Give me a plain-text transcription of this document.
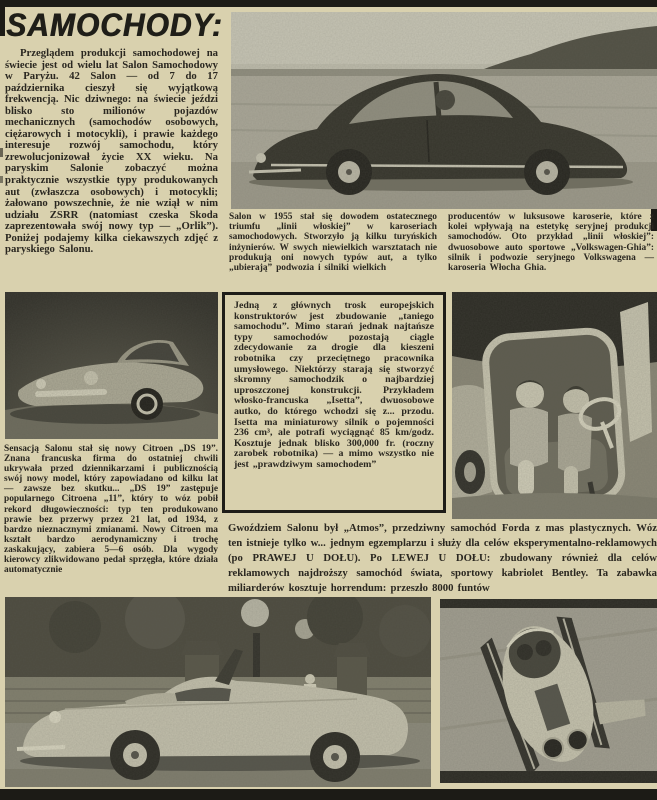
SAMOCHODY:
Przeglądem produkcji samochodowej na świecie jest od wielu lat Salon Samochodowy w Paryżu. 42 Salon — od 7 do 17 października cieszył się wyjątkową frekwencją. Nic dziwnego: na świecie jeździ blisko sto milionów pojazdów mechanicznych (samochodów osobowych, ciężarowych i motocykli), i prawie każdego interesuje rozwój samochodu, który zrewolucjonizował życie XX wieku. Na paryskim Salonie zobaczyć można praktycznie wszystkie typy produkowanych aut (zwłaszcza osobowych) i motocykli; żałowano powszechnie, że nie wziął w nim udziału ZSRR (natomiast czeska Skoda zaprezentowała swój nowy typ — „Orlik”). Poniżej podajemy kilka ciekawszych zdjęć z paryskiego Salonu.
Salon w 1955 stał się dowodem ostatecznego triumfu „linii włoskiej” w karoseriach samochodowych. Stworzyło ją kilku turyńskich inżynierów. W swych niewielkich warsztatach nie produkują oni nowych typów aut, a tylko „ubierają” podwozia i silniki wielkich
producentów w luksusowe karoserie, które z kolei wpływają na estetykę seryjnej produkcji samochodów. Oto przykład „linii włoskiej”: dwuosobowe auto sportowe „Volkswagen-Ghia”: silnik i podwozie seryjnego Volkswagena — karoseria Włocha Ghia.
Jedną z głównych trosk europejskich konstruktorów jest zbudowanie „taniego samochodu”. Mimo starań jednak najtańsze typy samochodów pozostają ciągle zdecydowanie za drogie dla kieszeni robotnika czy przeciętnego pracownika umysłowego. Niektórzy starają się stworzyć skromny samochodzik o najbardziej uproszczonej konstrukcji. Przykładem włosko-francuska „Isetta”, dwuosobowe autko, do którego wchodzi się z... przodu. Isetta ma miniaturowy silnik o pojemności 236 cm³, ale potrafi wyciągnąć 85 km/godz. Kosztuje jednak blisko 300,000 fr. (roczny zarobek robotnika) — a mimo wszystko nie jest „prawdziwym samochodem”
Sensacją Salonu stał się nowy Citroen „DS 19”. Znana francuska firma do ostatniej chwili ukrywała przed dziennikarzami i publicznością swój nowy model, który zapowiadano od kilku lat — zawsze bez skutku... „DS 19” zastępuje popularnego Citroena „11”, który to wóz pobił rekord długowieczności: typ ten produkowano prawie bez przerwy przez 21 lat, od 1934, z bardzo nieznacznymi zmianami. Nowy Citroen ma kształt bardzo aerodynamiczny i trochę zaskakujący, zabiera 5—6 osób. Dla wygody kierowcy zlikwidowano pedał sprzęgła, które działa automatycznie
Gwoździem Salonu był „Atmos”, przedziwny samochód Forda z mas plastycznych. Wóz ten istnieje tylko w... jednym egzemplarzu i służy dla celów eksperymentalno-reklamowych (po PRAWEJ U DOŁU). Po LEWEJ U DOŁU: zbudowany również dla celów reklamowych najdroższy samochód świata, sportowy kabriolet Bentley. Ta zabawka miliarderów kosztuje horrendum: przeszło 8000 funtów
